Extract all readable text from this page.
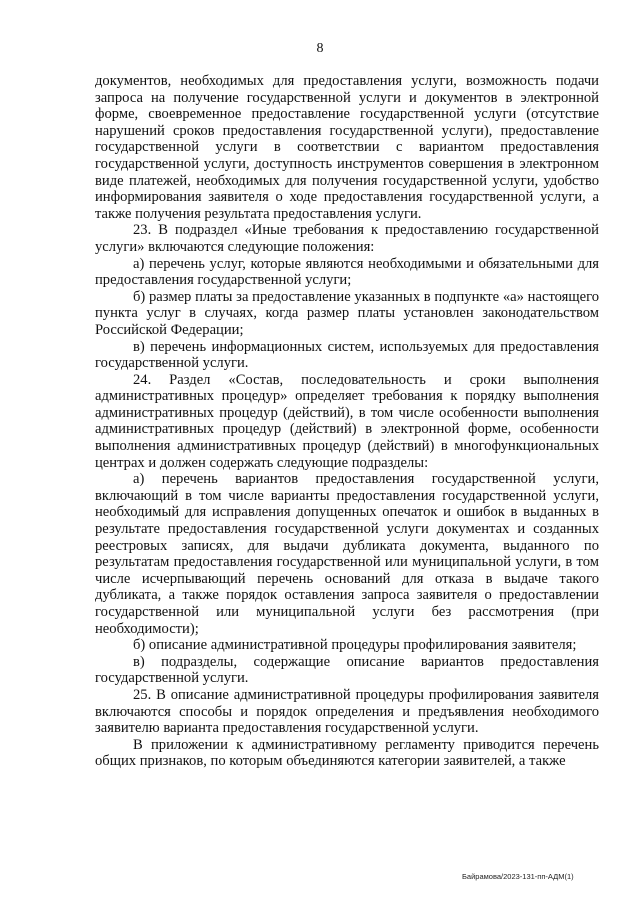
8

документов, необходимых для предоставления услуги, возможность подачи запроса на получение государственной услуги и документов в электронной форме, своевременное предоставление государственной услуги (отсутствие нарушений сроков предоставления государственной услуги), предоставление государственной услуги в соответствии с вариантом предоставления государственной услуги, доступность инструментов совершения в электронном виде платежей, необходимых для получения государственной услуги, удобство информирования заявителя о ходе предоставления государственной услуги, а также получения результата предоставления услуги.

23. В подраздел «Иные требования к предоставлению государственной услуги» включаются следующие положения:

а) перечень услуг, которые являются необходимыми и обязательными для предоставления государственной услуги;

б) размер платы за предоставление указанных в подпункте «а» настоящего пункта услуг в случаях, когда размер платы установлен законодательством Российской Федерации;

в) перечень информационных систем, используемых для предоставления государственной услуги.

24. Раздел «Состав, последовательность и сроки выполнения административных процедур» определяет требования к порядку выполнения административных процедур (действий), в том числе особенности выполнения административных процедур (действий) в электронной форме, особенности выполнения административных процедур (действий) в многофункциональных центрах и должен содержать следующие подразделы:

а) перечень вариантов предоставления государственной услуги, включающий в том числе варианты предоставления государственной услуги, необходимый для исправления допущенных опечаток и ошибок в выданных в результате предоставления государственной услуги документах и созданных реестровых записях, для выдачи дубликата документа, выданного по результатам предоставления государственной или муниципальной услуги, в том числе исчерпывающий перечень оснований для отказа в выдаче такого дубликата, а также порядок оставления запроса заявителя о предоставлении государственной или муниципальной услуги без рассмотрения (при необходимости);

б) описание административной процедуры профилирования заявителя;

в) подразделы, содержащие описание вариантов предоставления государственной услуги.

25. В описание административной процедуры профилирования заявителя включаются способы и порядок определения и предъявления необходимого заявителю варианта предоставления государственной услуги.

В приложении к административному регламенту приводится перечень общих признаков, по которым объединяются категории заявителей, а также

Байрамова/2023-131-пп-АДМ(1)
